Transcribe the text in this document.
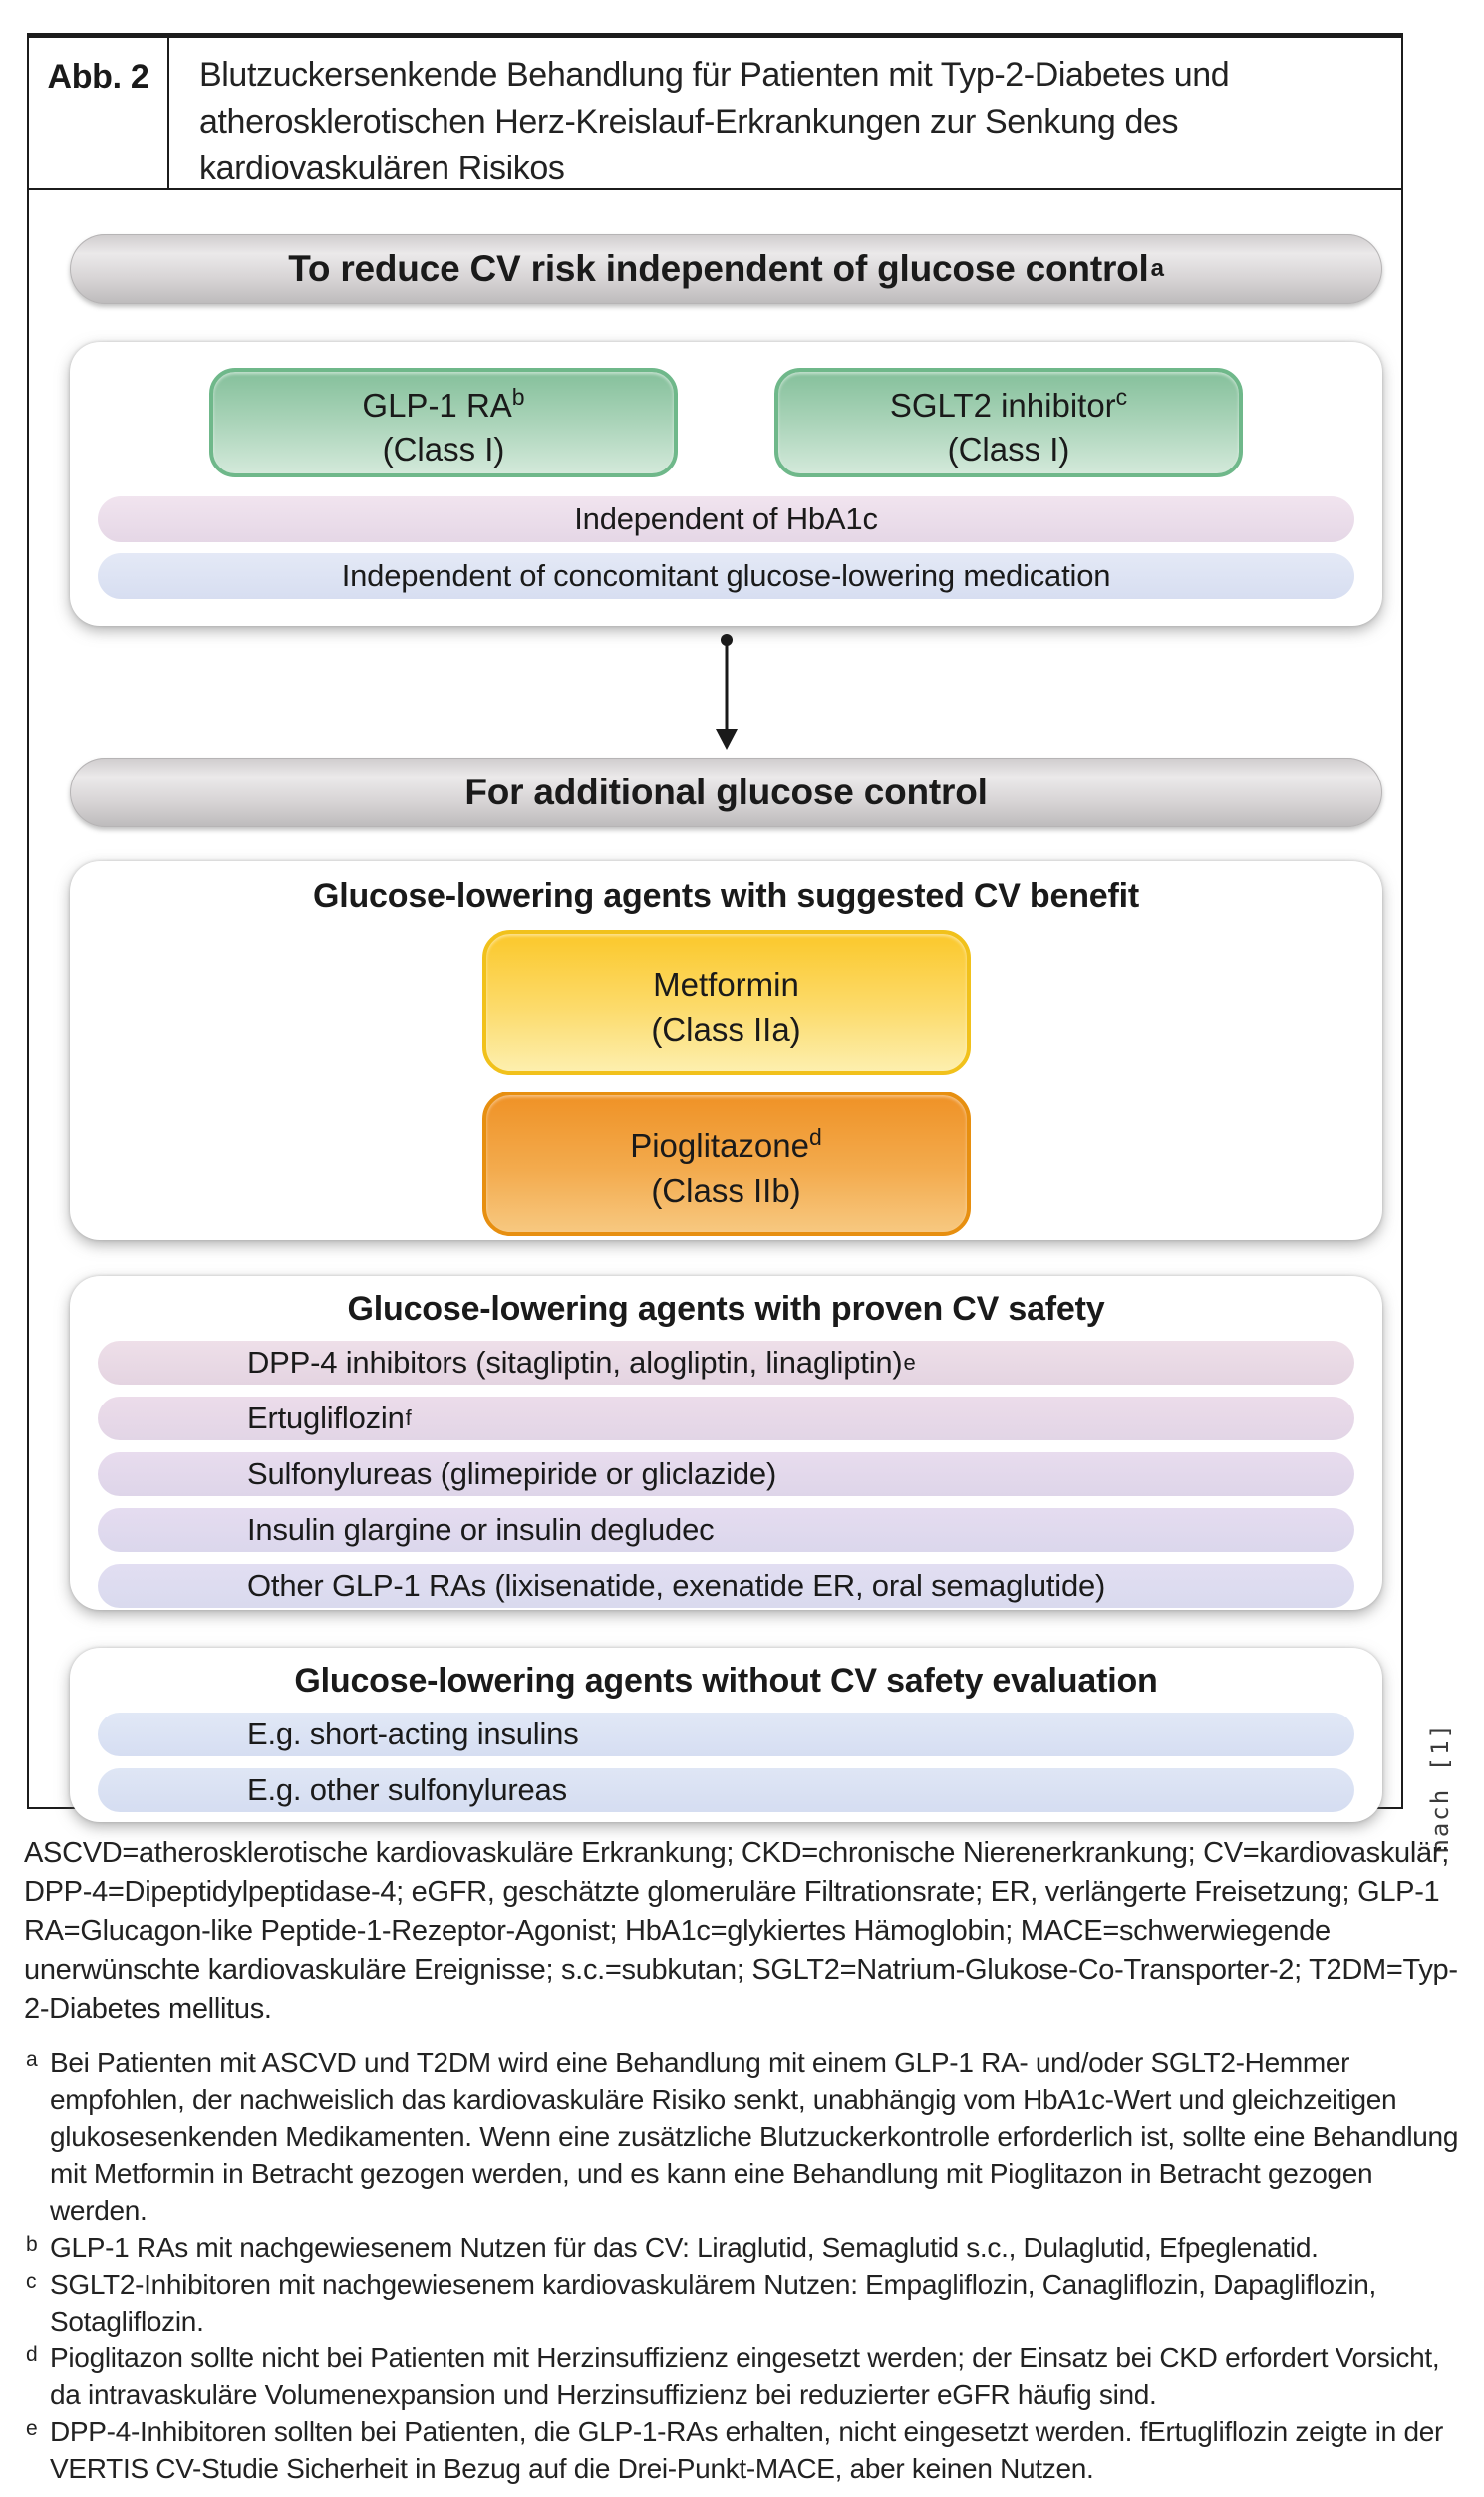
Abb. 2	Blutzuckersenkende Behandlung für Patienten mit Typ-2-Diabetes und atherosklerotischen Herz-Kreislauf-Erkrankungen zur Senkung des kardiovaskulären Risikos
To reduce CV risk independent of glucose control a
GLP-1 $RA^b$
(Class I)
SGLT2 inhibitor$^c$
(Class I)
Independent of HbA1c
Independent of concomitant glucose-lowering medication
For additional glucose control
Glucose-lowering agents with suggested CV benefit
Metformin
(Class IIa)
Pioglitazone$^d$
(Class IIb)
Glucose-lowering agents with proven CV safety
DPP-4 inhibitors (sitagliptin, alogliptin, linagliptin) e
Ertugliflozin f
Sulfonylureas (glimepiride or gliclazide)
Insulin glargine or insulin degludec
Other GLP-1 RAs (lixisenatide, exenatide ER, oral semaglutide)
Glucose-lowering agents without CV safety evaluation
E.g. short-acting insulins
E.g. other sulfonylureas	nach [1]

ASCVD=atherosklerotische kardiovaskuläre Erkrankung; CKD=chronische Nierenerkrankung; CV=kardiovaskulär; DPP-4=Dipeptidylpeptidase-4; eGFR, geschätzte glomeruläre Filtrationsrate; ER, verlängerte Freisetzung; GLP-1 RA=Glucagon-like Peptide-1-Rezeptor-Agonist; HbA1c=glykiertes Hämoglobin; MACE=schwerwiegende unerwünschte kardiovaskuläre Ereignisse; s.c.=subkutan; SGLT2=Natrium-Glukose-Co-Transporter-2; T2DM=Typ-2-Diabetes mellitus.

a Bei Patienten mit ASCVD und T2DM wird eine Behandlung mit einem GLP-1 RA- und/oder SGLT2-Hemmer empfohlen, der nachweislich das kardiovaskuläre Risiko senkt, unabhängig vom HbA1c-Wert und gleichzeitigen glukosesenkenden Medikamenten. Wenn eine zusätzliche Blutzuckerkontrolle erforderlich ist, sollte eine Behandlung mit Metformin in Betracht gezogen werden, und es kann eine Behandlung mit Pioglitazon in Betracht gezogen werden.
b GLP-1 RAs mit nachgewiesenem Nutzen für das CV: Liraglutid, Semaglutid s.c., Dulaglutid, Efpeglenatid.
c SGLT2-Inhibitoren mit nachgewiesenem kardiovaskulärem Nutzen: Empagliflozin, Canagliflozin, Dapagliflozin, Sotagliflozin.
d Pioglitazon sollte nicht bei Patienten mit Herzinsuffizienz eingesetzt werden; der Einsatz bei CKD erfordert Vorsicht, da intravaskuläre Volumenexpansion und Herzinsuffizienz bei reduzierter eGFR häufig sind.
e DPP-4-Inhibitoren sollten bei Patienten, die GLP-1-RAs erhalten, nicht eingesetzt werden. fErtugliflozin zeigte in der VERTIS CV-Studie Sicherheit in Bezug auf die Drei-Punkt-MACE, aber keinen Nutzen.
